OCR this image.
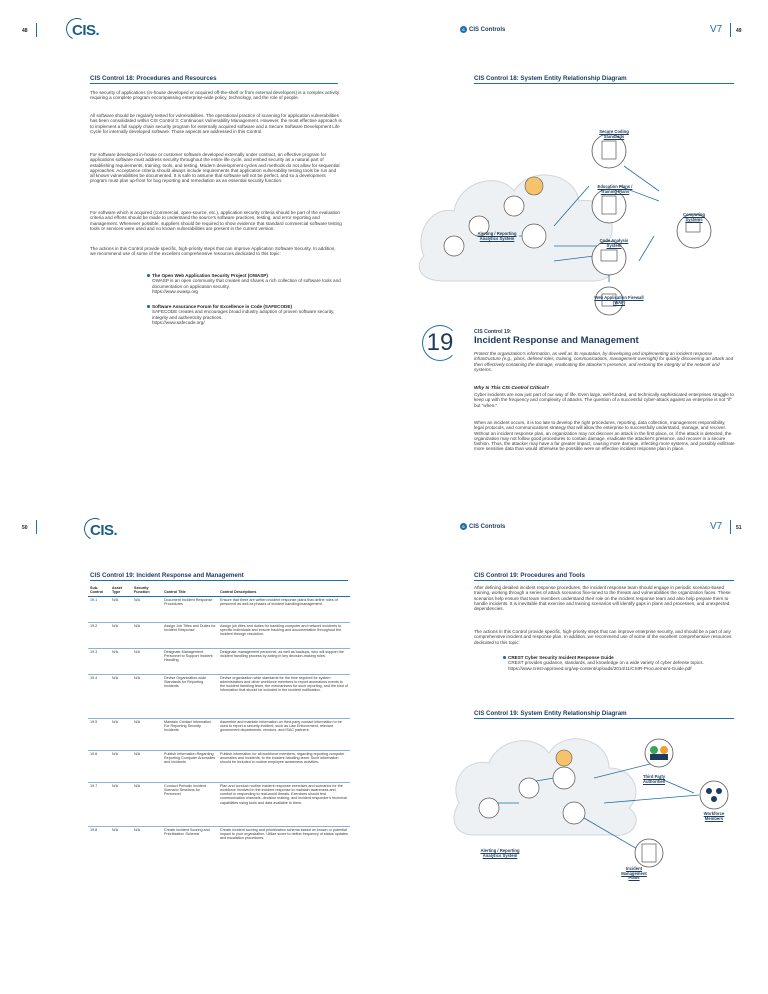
48	CIS.
CIS Control 18: Procedures and Resources
The security of applications (in-house developed or acquired off-the-shelf or from external developers) is a complex activity requiring a complete program encompassing enterprise-wide policy, technology, and the role of people.
All software should be regularly tested for vulnerabilities. The operational practice of scanning for application vulnerabilities has been consolidated within CIS Control 3: Continuous Vulnerability Management. However, the most effective approach is to implement a full supply chain security program for externally acquired software and a Secure Software Development Life Cycle for internally developed software. Those aspects are addressed in this Control.
For software developed in-house or customer software developed externally under contract, an effective program for applications software must address security throughout the entire life cycle, and embed security as a natural part of establishing requirements, training, tools, and testing. Modern development cycles and methods do not allow for sequential approaches. Acceptance criteria should always include requirements that application vulnerability testing tools be run and all known vulnerabilities be documented. It is safe to assume that software will not be perfect, and so a development program must plan up-front for bug reporting and remediation as an essential security function.
For software which is acquired (commercial, open-source, etc.), application security criteria should be part of the evaluation criteria and efforts should be made to understand the source's software practices, testing, and error reporting and management. Whenever possible, suppliers should be required to show evidence that standard commercial software testing tools or services were used and no known vulnerabilities are present in the current version.
The actions in this Control provide specific, high-priority steps that can improve Application Software Security. In addition, we recommend use of some of the excellent comprehensive resources dedicated to this topic:
The Open Web Application Security Project (OWASP)
OWASP is an open community that creates and shares a rich collection of software tools and documentation on application security.
https://www.owasp.org
Software Assurance Forum for Excellence in Code (SAFECODE)
SAFECODE creates and encourages broad industry adoption of proven software security, integrity and authenticity practices.
https://www.safecode.org/
c CIS Controls	V7	49
CIS Control 18: System Entity Relationship Diagram
Secure Coding Standards
Education Plans / Training Plans
Computing Systems
Alerting / Reporting Analytics System	Code Analysis System
Web Application Firewall (WAF)
19	CIS Control 19:
Incident Response and Management
Protect the organization's information, as well as its reputation, by developing and implementing an incident response infrastructure (e.g., plans, defined roles, training, communications, management oversight) for quickly discovering an attack and then effectively containing the damage, eradicating the attacker's presence, and restoring the integrity of the network and systems.
Why Is This CIS Control Critical?
Cyber incidents are now just part of our way of life. Even large, well-funded, and technically sophisticated enterprises struggle to keep up with the frequency and complexity of attacks. The question of a successful cyber-attack against an enterprise is not "if" but "when."
When an incident occurs, it is too late to develop the right procedures, reporting, data collection, management responsibility, legal protocols, and communications strategy that will allow the enterprise to successfully understand, manage, and recover. Without an incident response plan, an organization may not discover an attack in the first place, or, if the attack is detected, the organization may not follow good procedures to contain damage, eradicate the attacker's presence, and recover in a secure fashion. Thus, the attacker may have a far greater impact, causing more damage, infecting more systems, and possibly exfiltrate more sensitive data than would otherwise be possible were an effective incident response plan in place.
50	CIS.
CIS Control 19: Incident Response and Management
Sub-Control	Asset Type	Security Function	Control Title	Control Descriptions
19.1	N/A	N/A	Document Incident Response Procedures	Ensure that there are written incident response plans that define roles of personnel as well as phases of incident handling/management.
19.2	N/A	N/A	Assign Job Titles and Duties for Incident Response	Assign job titles and duties for handling computer and network incidents to specific individuals and ensure tracking and documentation throughout the incident through resolution.
19.3	N/A	N/A	Designate Management Personnel to Support Incident Handling	Designate management personnel, as well as backups, who will support the incident handling process by acting in key decision-making roles.
19.4	N/A	N/A	Devise Organization-wide Standards for Reporting Incidents	Devise organization-wide standards for the time required for system administrators and other workforce members to report anomalous events to the incident handling team, the mechanisms for such reporting, and the kind of information that should be included in the incident notification.
19.5	N/A	N/A	Maintain Contact Information For Reporting Security Incidents	Assemble and maintain information on third-party contact information to be used to report a security incident, such as Law Enforcement, relevant government departments, vendors, and ISAC partners.
19.6	N/A	N/A	Publish Information Regarding Reporting Computer Anomalies and Incidents	Publish information for all workforce members, regarding reporting computer anomalies and incidents, to the incident handling team. Such information should be included in routine employee awareness activities.
19.7	N/A	N/A	Conduct Periodic Incident Scenario Sessions for Personnel	Plan and conduct routine incident response exercises and scenarios for the workforce involved in the incident response to maintain awareness and comfort in responding to real-world threats. Exercises should test communication channels, decision making, and incident responder's technical capabilities using tools and data available to them.
19.8	N/A	N/A	Create Incident Scoring and Prioritization Schema	Create incident scoring and prioritization schema based on known or potential impact to your organization. Utilize score to define frequency of status updates and escalation procedures.
c CIS Controls	V7	51
CIS Control 19: Procedures and Tools
After defining detailed incident response procedures, the incident response team should engage in periodic scenario-based training, working through a series of attack scenarios fine-tuned to the threats and vulnerabilities the organization faces. These scenarios help ensure that team members understand their role on the incident response team and also help prepare them to handle incidents. It is inevitable that exercise and training scenarios will identify gaps in plans and processes, and unexpected dependencies.
The actions in this Control provide specific, high-priority steps that can improve enterprise security, and should be a part of any comprehensive incident and response plan. In addition, we recommend use of some of the excellent comprehensive resources dedicated to this topic:
CREST Cyber Security Incident Response Guide
CREST provides guidance, standards, and knowledge on a wide variety of cyber defense topics.
https://www.crest-approved.org/wp-content/uploads/2014/11/CSIR-Procurement-Guide.pdf
CIS Control 19: System Entity Relationship Diagram
Third Party Authorities
Workforce Members
Incident Management Plans
Alerting / Reporting Analytics System
